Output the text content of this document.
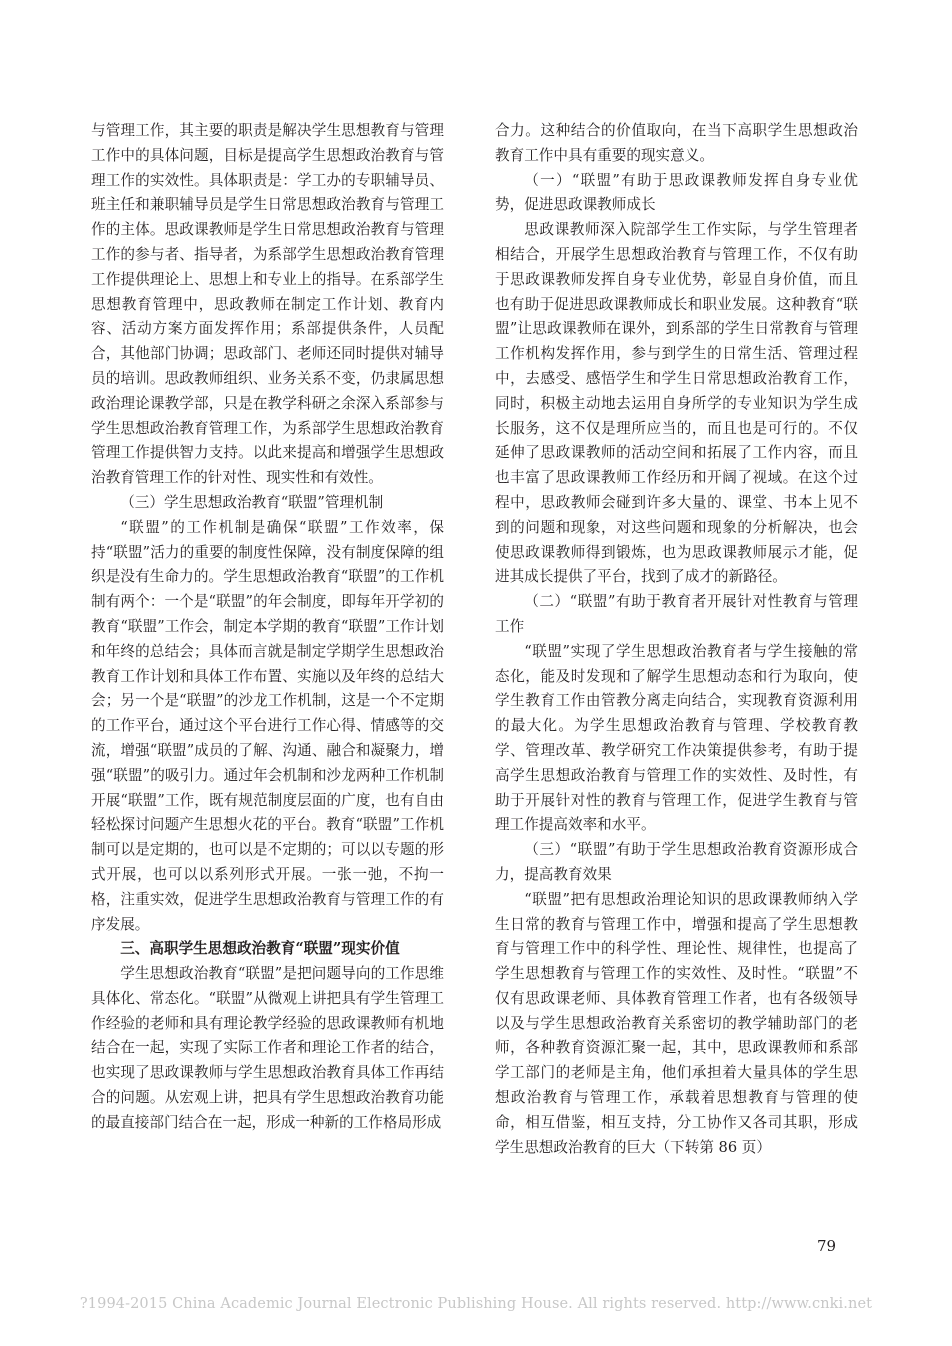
与管理工作，其主要的职责是解决学生思想教育与管理工作中的具体问题，目标是提高学生思想政治教育与管理工作的实效性。具体职责是：学工办的专职辅导员、班主任和兼职辅导员是学生日常思想政治教育与管理工作的主体。思政课教师是学生日常思想政治教育与管理工作的参与者、指导者，为系部学生思想政治教育管理工作提供理论上、思想上和专业上的指导。在系部学生思想教育管理中，思政教师在制定工作计划、教育内容、活动方案方面发挥作用；系部提供条件，人员配合，其他部门协调；思政部门、老师还同时提供对辅导员的培训。思政教师组织、业务关系不变，仍隶属思想政治理论课教学部，只是在教学科研之余深入系部参与学生思想政治教育管理工作，为系部学生思想政治教育管理工作提供智力支持。以此来提高和增强学生思想政治教育管理工作的针对性、现实性和有效性。

（三）学生思想政治教育“联盟”管理机制

“联盟”的工作机制是确保“联盟”工作效率，保持“联盟”活力的重要的制度性保障，没有制度保障的组织是没有生命力的。学生思想政治教育“联盟”的工作机制有两个：一个是“联盟”的年会制度，即每年开学初的教育“联盟”工作会，制定本学期的教育“联盟”工作计划和年终的总结会；具体而言就是制定学期学生思想政治教育工作计划和具体工作布置、实施以及年终的总结大会；另一个是“联盟”的沙龙工作机制，这是一个不定期的工作平台，通过这个平台进行工作心得、情感等的交流，增强“联盟”成员的了解、沟通、融合和凝聚力，增强“联盟”的吸引力。通过年会机制和沙龙两种工作机制开展“联盟”工作，既有规范制度层面的广度，也有自由轻松探讨问题产生思想火花的平台。教育“联盟”工作机制可以是定期的，也可以是不定期的；可以以专题的形式开展，也可以以系列形式开展。一张一弛，不拘一格，注重实效，促进学生思想政治教育与管理工作的有序发展。

三、高职学生思想政治教育“联盟”现实价值

学生思想政治教育“联盟”是把问题导向的工作思维具体化、常态化。“联盟”从微观上讲把具有学生管理工作经验的老师和具有理论教学经验的思政课教师有机地结合在一起，实现了实际工作者和理论工作者的结合，也实现了思政课教师与学生思想政治教育具体工作再结合的问题。从宏观上讲，把具有学生思想政治教育功能的最直接部门结合在一起，形成一种新的工作格局形成

合力。这种结合的价值取向，在当下高职学生思想政治教育工作中具有重要的现实意义。

（一）“联盟”有助于思政课教师发挥自身专业优势，促进思政课教师成长

思政课教师深入院部学生工作实际，与学生管理者相结合，开展学生思想政治教育与管理工作，不仅有助于思政课教师发挥自身专业优势，彰显自身价值，而且也有助于促进思政课教师成长和职业发展。这种教育“联盟”让思政课教师在课外，到系部的学生日常教育与管理工作机构发挥作用，参与到学生的日常生活、管理过程中，去感受、感悟学生和学生日常思想政治教育工作，同时，积极主动地去运用自身所学的专业知识为学生成长服务，这不仅是理所应当的，而且也是可行的。不仅延伸了思政课教师的活动空间和拓展了工作内容，而且也丰富了思政课教师工作经历和开阔了视域。在这个过程中，思政教师会碰到许多大量的、课堂、书本上见不到的问题和现象，对这些问题和现象的分析解决，也会使思政课教师得到锻炼，也为思政课教师展示才能，促进其成长提供了平台，找到了成才的新路径。

（二）“联盟”有助于教育者开展针对性教育与管理工作

“联盟”实现了学生思想政治教育者与学生接触的常态化，能及时发现和了解学生思想动态和行为取向，使学生教育工作由管教分离走向结合，实现教育资源利用的最大化。为学生思想政治教育与管理、学校教育教学、管理改革、教学研究工作决策提供参考，有助于提高学生思想政治教育与管理工作的实效性、及时性，有助于开展针对性的教育与管理工作，促进学生教育与管理工作提高效率和水平。

（三）“联盟”有助于学生思想政治教育资源形成合力，提高教育效果

“联盟”把有思想政治理论知识的思政课教师纳入学生日常的教育与管理工作中，增强和提高了学生思想教育与管理工作中的科学性、理论性、规律性，也提高了学生思想教育与管理工作的实效性、及时性。“联盟”不仅有思政课老师、具体教育管理工作者，也有各级领导以及与学生思想政治教育关系密切的教学辅助部门的老师，各种教育资源汇聚一起，其中，思政课教师和系部学工部门的老师是主角，他们承担着大量具体的学生思想政治教育与管理工作，承载着思想教育与管理的使命，相互借鉴，相互支持，分工协作又各司其职，形成学生思想政治教育的巨大（下转第 86 页）

79
?1994-2015 China Academic Journal Electronic Publishing House. All rights reserved. http://www.cnki.net
